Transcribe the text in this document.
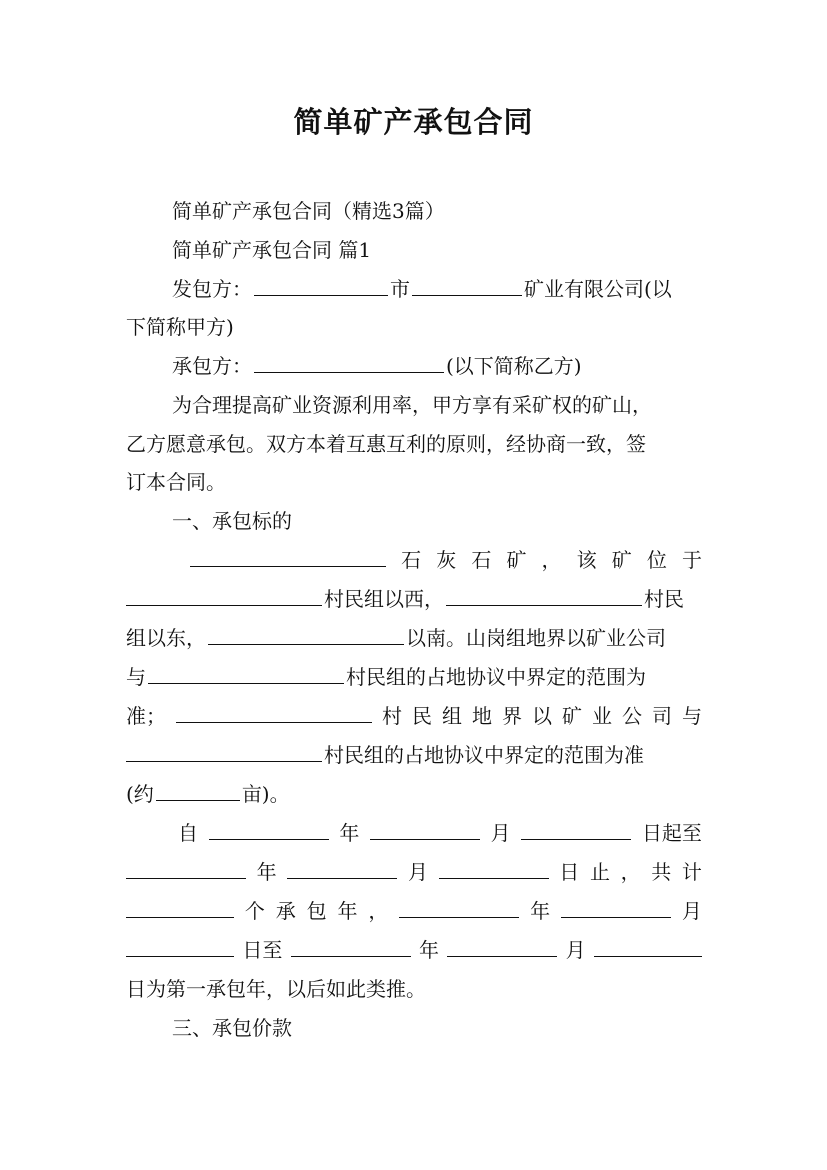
简单矿产承包合同
简单矿产承包合同（精选3篇）
简单矿产承包合同 篇1
发包方：	市	矿业有限公司(以
下简称甲方)
承包方：	(以下简称乙方)
为合理提高矿业资源利用率，甲方享有采矿权的矿山，
乙方愿意承包。双方本着互惠互利的原则，经协商一致，签
订本合同。
一、承包标的
石 灰 石 矿 ， 该 矿 位 于
村民组以西，	村民
组以东，	以南。山岗组地界以矿业公司
与	村民组的占地协议中界定的范围为
准；	村 民 组 地 界 以 矿 业 公 司 与
村民组的占地协议中界定的范围为准
(约	亩)。
自	年	月	日起至
年	月	日 止 ， 共 计
个 承 包 年 ，	年	月
日至	年	月
日为第一承包年，以后如此类推。
三、承包价款
